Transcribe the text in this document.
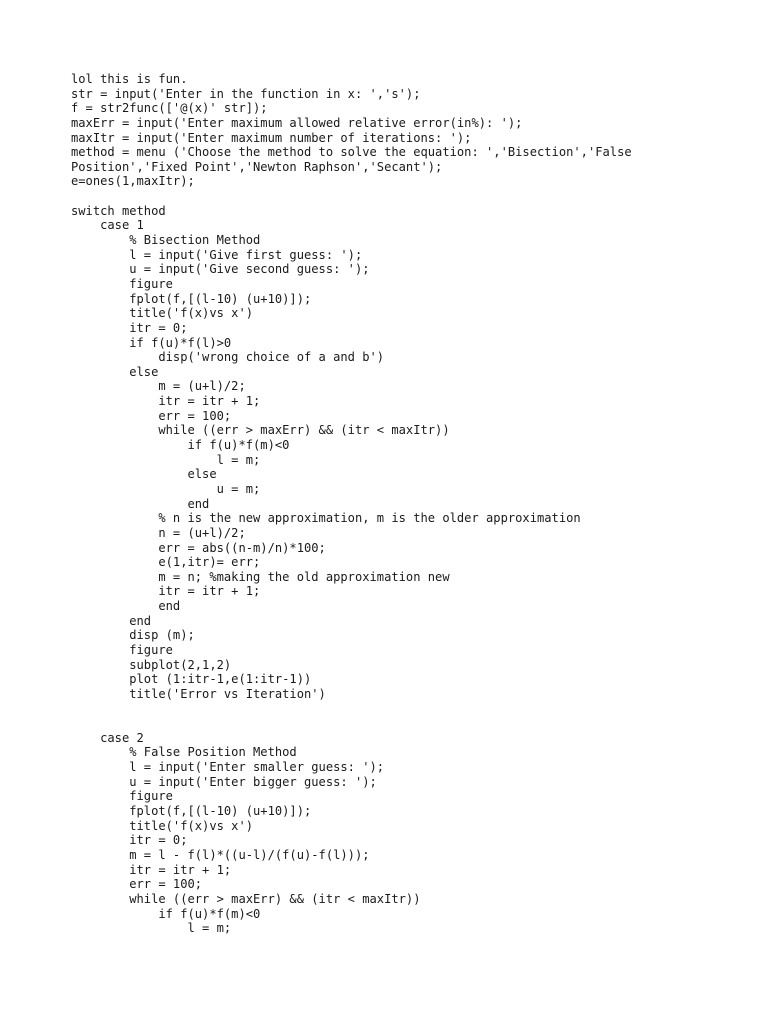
lol this is fun.
str = input('Enter in the function in x: ','s');
f = str2func(['@(x)' str]);
maxErr = input('Enter maximum allowed relative error(in%): ');
maxItr = input('Enter maximum number of iterations: ');
method = menu ('Choose the method to solve the equation: ','Bisection','False
Position','Fixed Point','Newton Raphson','Secant');
e=ones(1,maxItr);
switch method
case 1
% Bisection Method
l = input('Give first guess: ');
u = input('Give second guess: ');
figure
fplot(f,[(l-10) (u+10)]);
title('f(x)vs x')
itr = 0;
if f(u)*f(l)>0
disp('wrong choice of a and b')
else
m = (u+l)/2;
itr = itr + 1;
err = 100;
while ((err > maxErr) && (itr < maxItr))
if f(u)*f(m)<0
l = m;
else
u = m;
end
% n is the new approximation, m is the older approximation
n = (u+l)/2;
err = abs((n-m)/n)*100;
e(1,itr)= err;
m = n; %making the old approximation new
itr = itr + 1;
end
end
disp (m);
figure
subplot(2,1,2)
plot (1:itr-1,e(1:itr-1))
title('Error vs Iteration')
case 2
% False Position Method
l = input('Enter smaller guess: ');
u = input('Enter bigger guess: ');
figure
fplot(f,[(l-10) (u+10)]);
title('f(x)vs x')
itr = 0;
m = l - f(l)*((u-l)/(f(u)-f(l)));
itr = itr + 1;
err = 100;
while ((err > maxErr) && (itr < maxItr))
if f(u)*f(m)<0
l = m;
